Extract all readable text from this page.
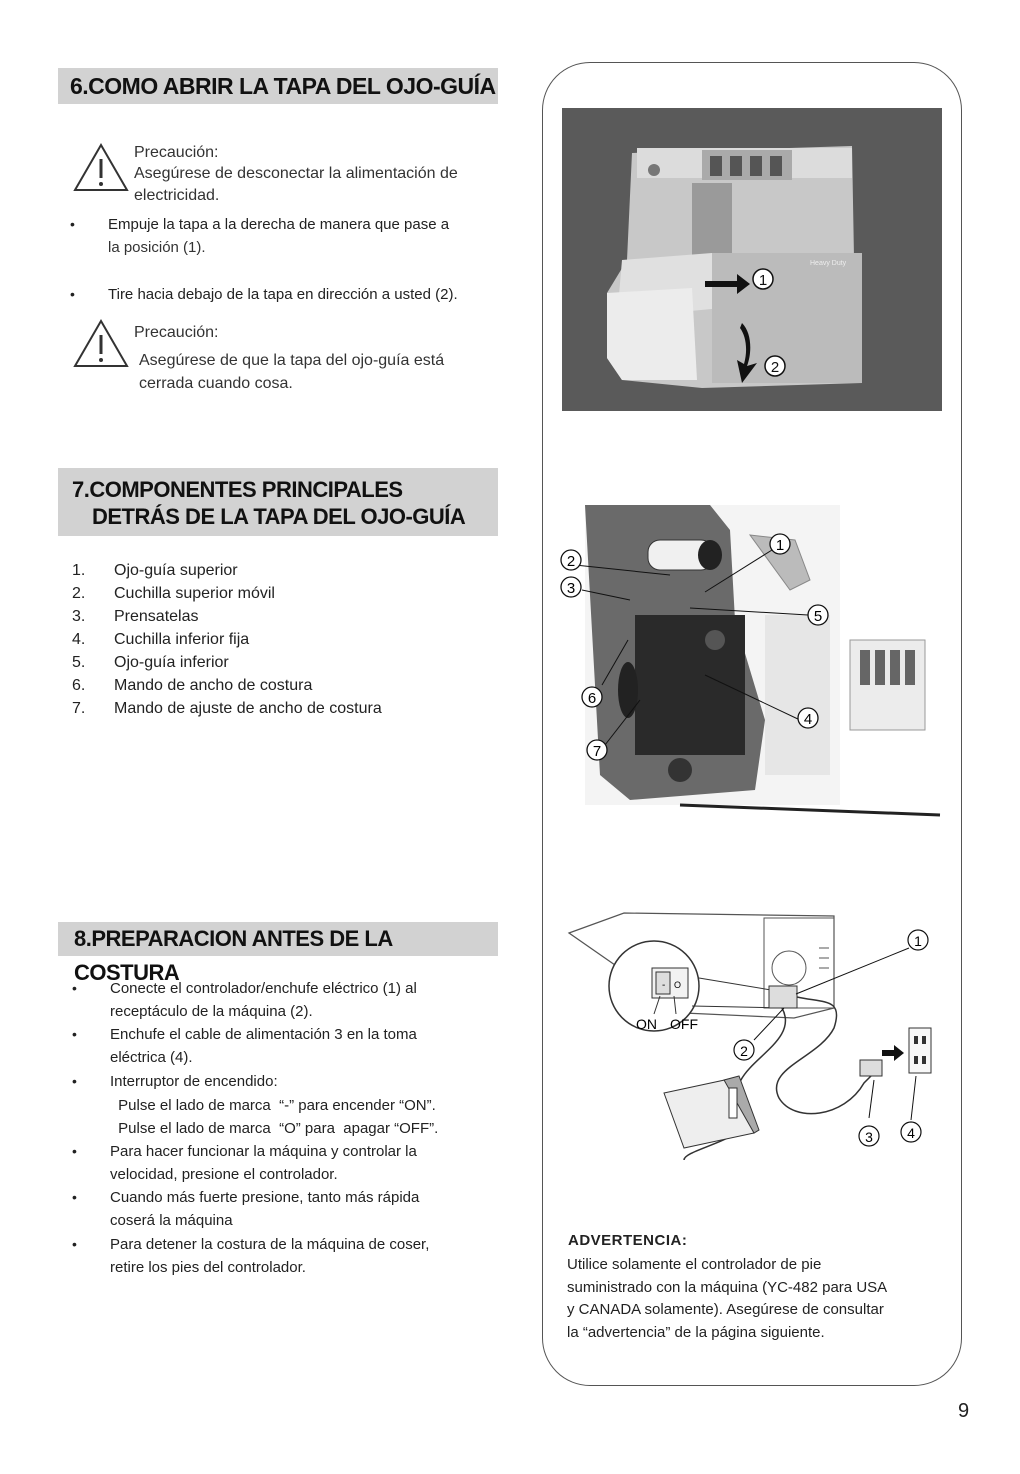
6.COMO ABRIR LA TAPA DEL OJO-GUÍA
Precaución:
Asegúrese de desconectar la alimentación de
electricidad.
• Empuje la tapa a la derecha de manera que pase a
la posición (1).
• Tire hacia debajo de la tapa en dirección a usted (2).
Precaución:
Asegúrese de que la tapa del ojo-guía está
cerrada cuando cosa.
7.COMPONENTES PRINCIPALES
DETRÁS DE LA TAPA DEL OJO-GUÍA
1. Ojo-guía superior
2. Cuchilla superior móvil
3. Prensatelas
4. Cuchilla inferior fija
5. Ojo-guía inferior
6. Mando de ancho de costura
7. Mando de ajuste de ancho de costura
8.PREPARACION ANTES DE LA COSTURA
• Conecte el controlador/enchufe eléctrico (1) al
receptáculo de la máquina (2).
• Enchufe el cable de alimentación 3 en la toma
eléctrica (4).
• Interruptor de encendido:
Pulse el lado de marca  “-” para encender “ON”.
Pulse el lado de marca  “O” para  apagar “OFF”.
• Para hacer funcionar la máquina y controlar la
velocidad, presione el controlador.
• Cuando más fuerte presione, tanto más rápida
coserá la máquina
• Para detener la costura de la máquina de coser,
retire los pies del controlador.
Heavy Duty
1
2
1
2
3
4
5
6
7
- O
ON OFF
1
2
3 4
ADVERTENCIA:
Utilice solamente el controlador de pie
suministrado con la máquina (YC-482 para USA
y CANADA solamente). Asegúrese de consultar
la “advertencia” de la página siguiente.
9
